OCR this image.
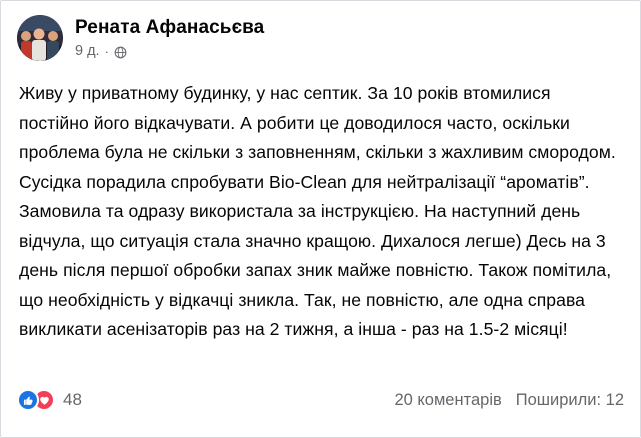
Рената Афанасьєва
9 д. ·
Живу у приватному будинку, у нас септик. За 10 років втомилися постійно його відкачувати. А робити це доводилося часто, оскільки проблема була не скільки з заповненням, скільки з жахливим смородом. Сусідка порадила спробувати Bio-Clean для нейтралізації “ароматів”. Замовила та одразу використала за інструкцією. На наступний день відчула, що ситуація стала значно кращою. Дихалося легше) Десь на 3 день після першої обробки запах зник майже повністю. Також помітила, що необхідність у відкачці зникла. Так, не повністю, але одна справа викликати асенізаторів раз на 2 тижня, а інша - раз на 1.5-2 місяці!
48	20 коментарів Поширили: 12
